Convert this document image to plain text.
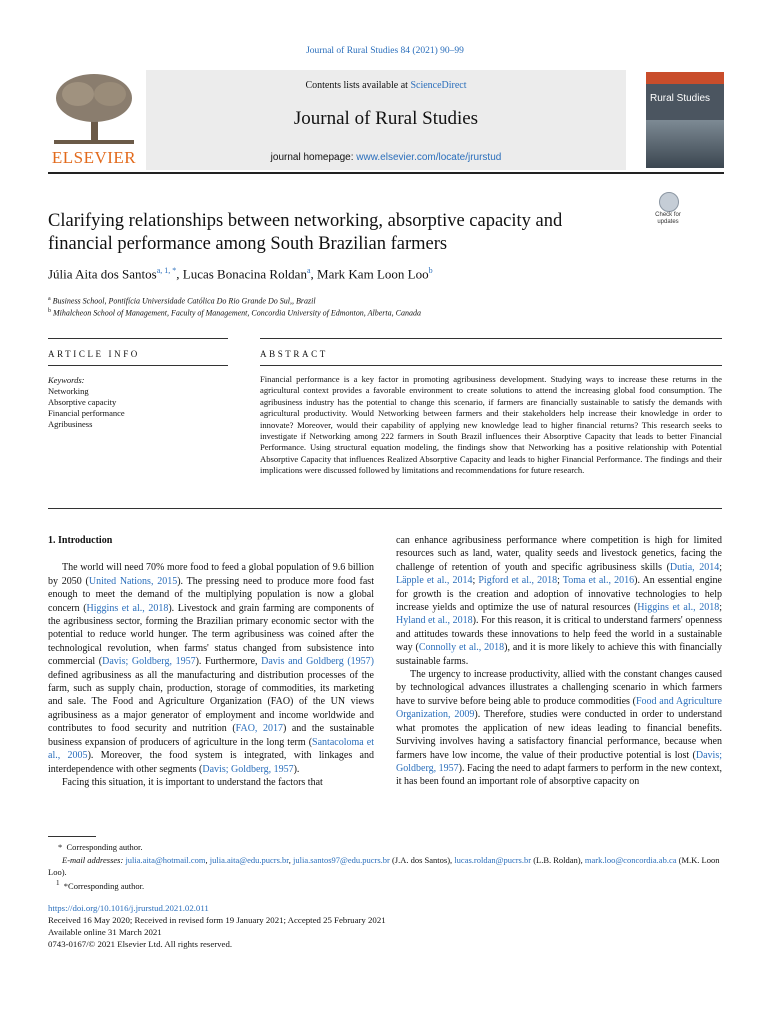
Journal of Rural Studies 84 (2021) 90–99
ELSEVIER
Contents lists available at ScienceDirect
Journal of Rural Studies
journal homepage: www.elsevier.com/locate/jrurstud
Rural Studies
Check for updates
Clarifying relationships between networking, absorptive capacity and
financial performance among South Brazilian farmers
Júlia Aita dos Santos$^{a, 1, *}$, Lucas Bonacina Roldan$^a$, Mark Kam Loon Loo$^b$
$^a$ Business School, Pontifícia Universidade Católica Do Rio Grande Do Sul,, Brazil
$^b$ Mihalcheon School of Management, Faculty of Management, Concordia University of Edmonton, Alberta, Canada
ARTICLE INFO	ABSTRACT
Keywords:
Networking
Absorptive capacity
Financial performance
Agribusiness
Financial performance is a key factor in promoting agribusiness development. Studying ways to increase these returns in the agricultural context provides a favorable environment to create solutions to attend the increasing global food consumption. The agribusiness industry has the potential to change this scenario, if farmers are financially sustainable to satisfy the demands with agricultural productivity. Would Networking between farmers and their stakeholders help increase their knowledge in order to innovate? Moreover, would their capability of applying new knowledge lead to higher financial returns? This research seeks to investigate if Networking among 222 farmers in South Brazil influences their Absorptive Capacity that leads to better Financial Performance. Using structural equation modeling, the findings show that Networking has a positive relationship with Potential Absorptive Capacity that influences Realized Absorptive Capacity and leads to higher Financial Performance. The findings and their implications were discussed followed by limitations and recommendations for future research.
1. Introduction

The world will need 70% more food to feed a global population of 9.6 billion by 2050 (United Nations, 2015). The pressing need to produce more food fast enough to meet the demand of the multiplying population is now a global concern (Higgins et al., 2018). Livestock and grain farming are components of the agribusiness sector, forming the Brazilian primary economic sector with the potential to reduce world hunger. The term agribusiness was coined after the technological revolution, when farms' status changed from subsistence into commercial (Davis; Goldberg, 1957). Furthermore, Davis and Goldberg (1957) defined agribusiness as all the manufacturing and distribution processes of the farm, such as supply chain, production, storage of commodities, its marketing and sale. The Food and Agriculture Organization (FAO) of the UN views agribusiness as a major generator of employment and income worldwide and contributes to food security and nutrition (FAO, 2017) and the sustainable business expansion of producers of agriculture in the long term (Santacoloma et al., 2005). Moreover, the food system is integrated, with linkages and interdependence with other segments (Davis; Goldberg, 1957).

Facing this situation, it is important to understand the factors that

can enhance agribusiness performance where competition is high for limited resources such as land, water, quality seeds and livestock genetics, facing the challenge of retention of youth and specific agribusiness skills (Dutia, 2014; Läpple et al., 2014; Pigford et al., 2018; Toma et al., 2016). An essential engine for growth is the creation and adoption of innovative technologies to help increase yields and optimize the use of natural resources (Higgins et al., 2018; Hyland et al., 2018). For this reason, it is critical to understand farmers' openness and attitudes towards these innovations to help feed the world in a sustainable way (Connolly et al., 2018), and it is more likely to achieve this with financially sustainable farms.

The urgency to increase productivity, allied with the constant changes caused by technological advances illustrates a challenging scenario in which farmers have to survive before being able to produce commodities (Food and Agriculture Organization, 2009). Therefore, studies were conducted in order to understand what promotes the application of new ideas leading to financial benefits. Surviving involves having a satisfactory financial performance, because when farmers have low income, the value of their productive potential is lost (Davis; Goldberg, 1957). Facing the need to adapt farmers to perform in the new context, it has been found an important role of absorptive capacity on

* Corresponding author.
E-mail addresses: julia.aita@hotmail.com, julia.aita@edu.pucrs.br, julia.santos97@edu.pucrs.br (J.A. dos Santos), lucas.roldan@pucrs.br (L.B. Roldan), mark.loo@concordia.ab.ca (M.K. Loon Loo).
$^1$ *Corresponding author.
https://doi.org/10.1016/j.jrurstud.2021.02.011
Received 16 May 2020; Received in revised form 19 January 2021; Accepted 25 February 2021
Available online 31 March 2021
0743-0167/© 2021 Elsevier Ltd. All rights reserved.
